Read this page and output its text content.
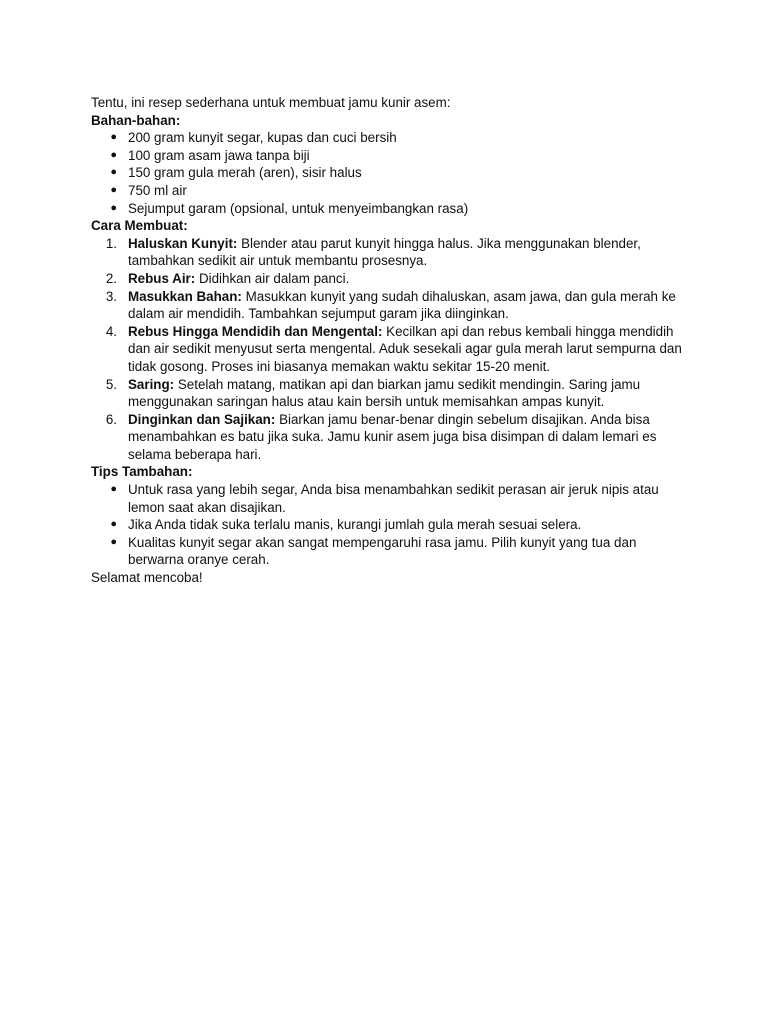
Tentu, ini resep sederhana untuk membuat jamu kunir asem:

Bahan-bahan:

● 200 gram kunyit segar, kupas dan cuci bersih
● 100 gram asam jawa tanpa biji
● 150 gram gula merah (aren), sisir halus
● 750 ml air
● Sejumput garam (opsional, untuk menyeimbangkan rasa)

Cara Membuat:

1. Haluskan Kunyit: Blender atau parut kunyit hingga halus. Jika menggunakan blender, tambahkan sedikit air untuk membantu prosesnya.
2. Rebus Air: Didihkan air dalam panci.
3. Masukkan Bahan: Masukkan kunyit yang sudah dihaluskan, asam jawa, dan gula merah ke dalam air mendidih. Tambahkan sejumput garam jika diinginkan.
4. Rebus Hingga Mendidih dan Mengental: Kecilkan api dan rebus kembali hingga mendidih dan air sedikit menyusut serta mengental. Aduk sesekali agar gula merah larut sempurna dan tidak gosong. Proses ini biasanya memakan waktu sekitar 15-20 menit.
5. Saring: Setelah matang, matikan api dan biarkan jamu sedikit mendingin. Saring jamu menggunakan saringan halus atau kain bersih untuk memisahkan ampas kunyit.
6. Dinginkan dan Sajikan: Biarkan jamu benar-benar dingin sebelum disajikan. Anda bisa menambahkan es batu jika suka. Jamu kunir asem juga bisa disimpan di dalam lemari es selama beberapa hari.

Tips Tambahan:

● Untuk rasa yang lebih segar, Anda bisa menambahkan sedikit perasan air jeruk nipis atau lemon saat akan disajikan.
● Jika Anda tidak suka terlalu manis, kurangi jumlah gula merah sesuai selera.
● Kualitas kunyit segar akan sangat mempengaruhi rasa jamu. Pilih kunyit yang tua dan berwarna oranye cerah.

Selamat mencoba!
